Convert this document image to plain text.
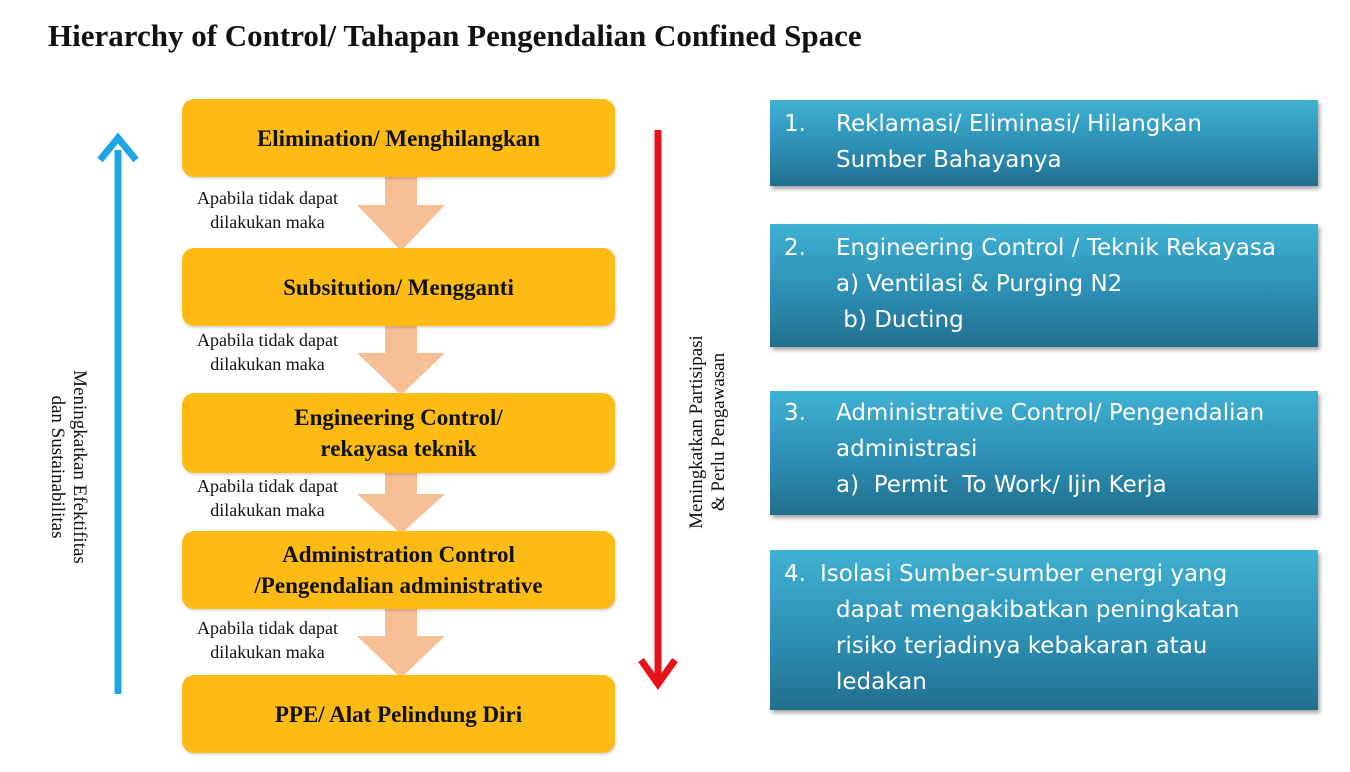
Hierarchy of Control/ Tahapan Pengendalian Confined Space
Meningkatkan Efektifitas
dan Sustainabilitas	Meningkatkan Partisipasi & Perlu Pengawasan
Elimination/ Menghilangkan
Subsitution/ Mengganti
Engineering Control/
rekayasa teknik
Administration Control
/Pengendalian administrative
PPE/ Alat Pelindung Diri
Apabila tidak dapat
dilakukan maka
Apabila tidak dapat
dilakukan maka
Apabila tidak dapat
dilakukan maka
Apabila tidak dapat
dilakukan maka
1. Reklamasi/ Eliminasi/ Hilangkan
Sumber Bahayanya
2. Engineering Control / Teknik Rekayasa
a) Ventilasi & Purging N2
b) Ducting
3. Administrative Control/ Pengendalian
administrasi
a)  Permit  To Work/ Ijin Kerja
4. Isolasi Sumber-sumber energi yang
dapat mengakibatkan peningkatan
risiko terjadinya kebakaran atau
ledakan
